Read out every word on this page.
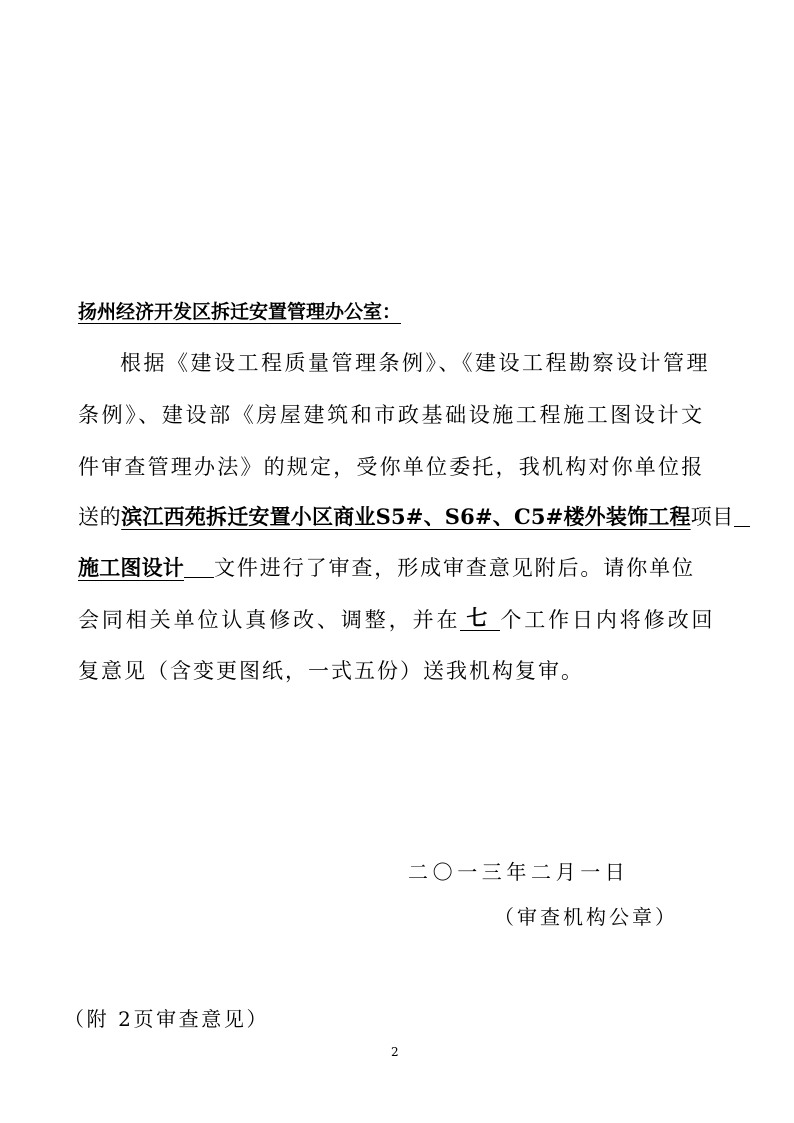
扬州经济开发区拆迁安置管理办公室：
根据《建设工程质量管理条例》、《建设工程勘察设计管理
条例》、建设部《房屋建筑和市政基础设施工程施工图设计文
件审查管理办法》的规定，受你单位委托，我机构对你单位报
送的滨江西苑拆迁安置小区商业S5#、S6#、C5#楼外装饰工程项目
施工图设计 文件进行了审查，形成审查意见附后。请你单位
会同相关单位认真修改、调整，并在 七 个工作日内将修改回
复意见（含变更图纸，一式五份）送我机构复审。
二〇一三年二月一日
（审查机构公章）
（附 2页审查意见）
2
